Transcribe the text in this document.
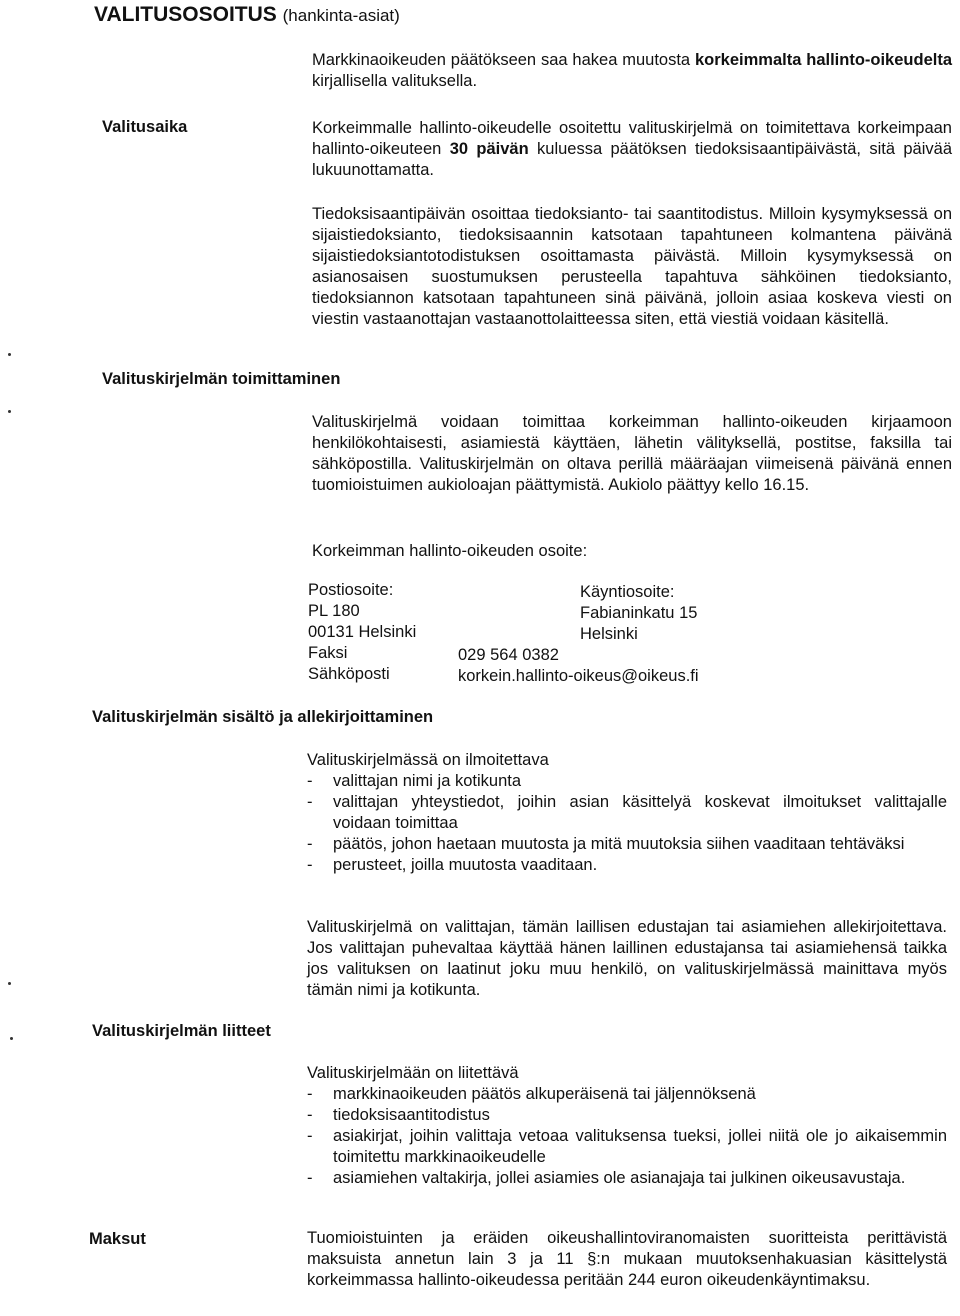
VALITUSOSOITUS (hankinta-asiat)
Markkinaoikeuden päätökseen saa hakea muutosta korkeimmalta hallinto-oikeudelta kirjallisella valituksella.
Valitusaika	Korkeimmalle hallinto-oikeudelle osoitettu valituskirjelmä on toimitettava korkeimpaan hallinto-oikeuteen 30 päivän kuluessa päätöksen tiedoksisaantipäivästä, sitä päivää lukuunottamatta.
Tiedoksisaantipäivän osoittaa tiedoksianto- tai saantitodistus. Milloin kysymyksessä on sijaistiedoksianto, tiedoksisaannin katsotaan tapahtuneen kolmantena päivänä sijaistiedoksiantotodistuksen osoittamasta päivästä. Milloin kysymyksessä on asianosaisen suostumuksen perusteella tapahtuva sähköinen tiedoksianto, tiedoksiannon katsotaan tapahtuneen sinä päivänä, jolloin asiaa koskeva viesti on viestin vastaanottajan vastaanottolaitteessa siten, että viestiä voidaan käsitellä.
Valituskirjelmän toimittaminen
Valituskirjelmä voidaan toimittaa korkeimman hallinto-oikeuden kirjaamoon henkilökohtaisesti, asiamiestä käyttäen, lähetin välityksellä, postitse, faksilla tai sähköpostilla. Valituskirjelmän on oltava perillä määräajan viimeisenä päivänä ennen tuomioistuimen aukioloajan päättymistä. Aukiolo päättyy kello 16.15.
Korkeimman hallinto-oikeuden osoite:
Postiosoite:
PL 180
00131 Helsinki
Faksi
Sähköposti
Käyntiosoite:
Fabianinkatu 15
Helsinki
029 564 0382
korkein.hallinto-oikeus@oikeus.fi
Valituskirjelmän sisältö ja allekirjoittaminen
Valituskirjelmässä on ilmoitettava
- valittajan nimi ja kotikunta
- valittajan yhteystiedot, joihin asian käsittelyä koskevat ilmoitukset valittajalle voidaan toimittaa
- päätös, johon haetaan muutosta ja mitä muutoksia siihen vaaditaan tehtäväksi
- perusteet, joilla muutosta vaaditaan.
Valituskirjelmä on valittajan, tämän laillisen edustajan tai asiamiehen allekirjoitettava. Jos valittajan puhevaltaa käyttää hänen laillinen edustajansa tai asiamiehensä taikka jos valituksen on laatinut joku muu henkilö, on valituskirjelmässä mainittava myös tämän nimi ja kotikunta.
Valituskirjelmän liitteet
Valituskirjelmään on liitettävä
- markkinaoikeuden päätös alkuperäisenä tai jäljennöksenä
- tiedoksisaantitodistus
- asiakirjat, joihin valittaja vetoaa valituksensa tueksi, jollei niitä ole jo aikaisemmin toimitettu markkinaoikeudelle
- asiamiehen valtakirja, jollei asiamies ole asianajaja tai julkinen oikeusavustaja.
Maksut	Tuomioistuinten ja eräiden oikeushallintoviranomaisten suoritteista perittävistä maksuista annetun lain 3 ja 11 §:n mukaan muutoksenhakuasian käsittelystä korkeimmassa hallinto-oikeudessa peritään 244 euron oikeudenkäyntimaksu.
